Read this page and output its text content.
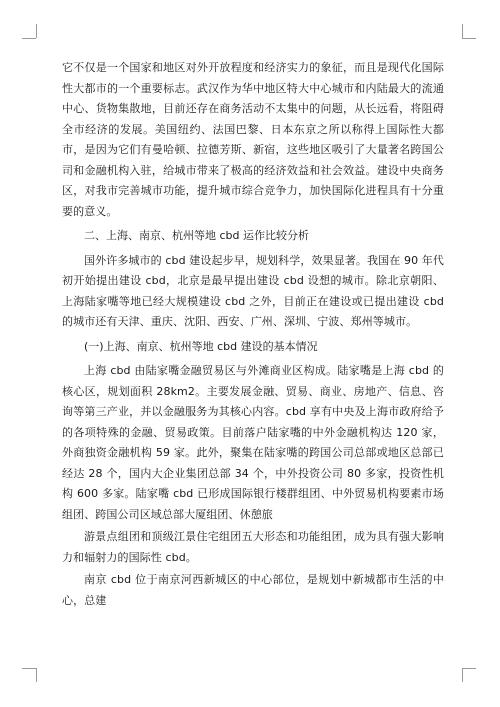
它不仅是一个国家和地区对外开放程度和经济实力的象征，而且是现代化国际性大都市的一个重要标志。武汉作为华中地区特大中心城市和内陆最大的流通中心、货物集散地，目前还存在商务活动不太集中的问题，从长远看，将阻碍全市经济的发展。美国纽约、法国巴黎、日本东京之所以称得上国际性大都市，是因为它们有曼哈顿、拉德芳斯、新宿，这些地区吸引了大量著名跨国公司和金融机构入驻，给城市带来了极高的经济效益和社会效益。建设中央商务区，对我市完善城市功能，提升城市综合竞争力，加快国际化进程具有十分重要的意义。

二、上海、南京、杭州等地 cbd 运作比较分析

国外许多城市的 cbd 建设起步早，规划科学，效果显著。我国在 90 年代初开始提出建设 cbd，北京是最早提出建设 cbd 设想的城市。除北京朝阳、上海陆家嘴等地已经大规模建设 cbd 之外，目前正在建设或已提出建设 cbd 的城市还有天津、重庆、沈阳、西安、广州、深圳、宁波、郑州等城市。

(一)上海、南京、杭州等地 cbd 建设的基本情况

上海 cbd 由陆家嘴金融贸易区与外滩商业区构成。陆家嘴是上海 cbd 的核心区，规划面积 28km2。主要发展金融、贸易、商业、房地产、信息、咨询等第三产业，并以金融服务为其核心内容。cbd 享有中央及上海市政府给予的各项特殊的金融、贸易政策。目前落户陆家嘴的中外金融机构达 120 家，外商独资金融机构 59 家。此外，聚集在陆家嘴的跨国公司总部或地区总部已经达 28 个，国内大企业集团总部 34 个，中外投资公司 80 多家，投资性机构 600 多家。陆家嘴 cbd 已形成国际银行楼群组团、中外贸易机构要素市场组团、跨国公司区域总部大厦组团、休憩旅

游景点组团和顶级江景住宅组团五大形态和功能组团，成为具有强大影响力和辐射力的国际性 cbd。

南京 cbd 位于南京河西新城区的中心部位，是规划中新城都市生活的中心，总建
